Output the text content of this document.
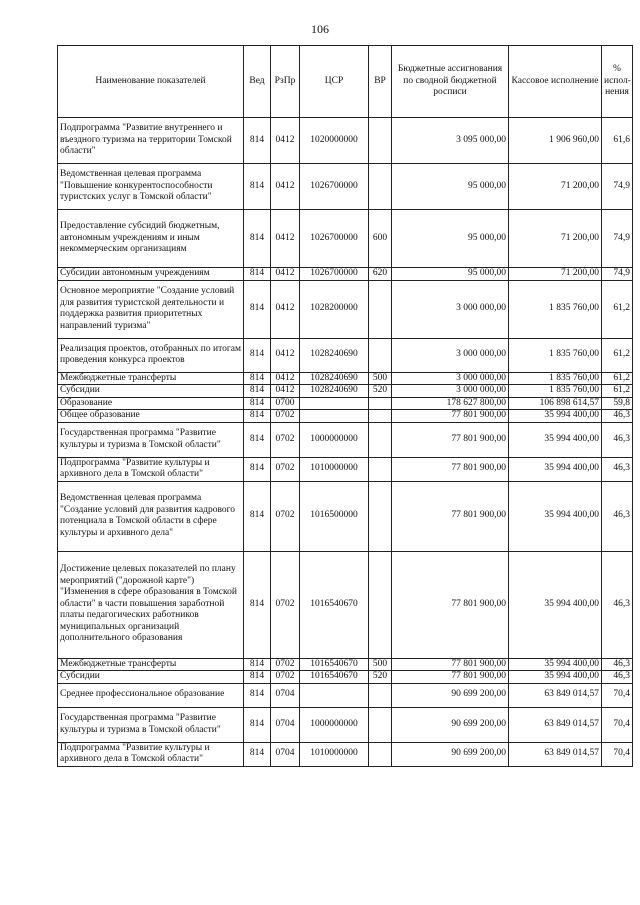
106
Наименование показателей	Вед	РзПр	ЦСР	ВР	Бюджетные ассигнования по сводной бюджетной росписи	Кассовое исполнение	% испол-нения
Подпрограмма "Развитие внутреннего и въездного туризма на территории Томской области"	814	0412	1020000000		3 095 000,00	1 906 960,00	61,6
Ведомственная целевая программа "Повышение конкурентоспособности туристских услуг в Томской области"	814	0412	1026700000		95 000,00	71 200,00	74,9
Предоставление субсидий бюджетным, автономным учреждениям и иным некоммерческим организациям	814	0412	1026700000	600	95 000,00	71 200,00	74,9
Субсидии автономным учреждениям	814	0412	1026700000	620	95 000,00	71 200,00	74,9
Основное мероприятие "Создание условий для развития туристской деятельности и поддержка развития приоритетных направлений туризма"	814	0412	1028200000		3 000 000,00	1 835 760,00	61,2
Реализация проектов, отобранных по итогам проведения конкурса проектов	814	0412	1028240690		3 000 000,00	1 835 760,00	61,2
Межбюджетные трансферты	814	0412	1028240690	500	3 000 000,00	1 835 760,00	61,2
Субсидии	814	0412	1028240690	520	3 000 000,00	1 835 760,00	61,2
Образование	814	0700			178 627 800,00	106 898 614,57	59,8
Общее образование	814	0702			77 801 900,00	35 994 400,00	46,3
Государственная программа "Развитие культуры и туризма в Томской области"	814	0702	1000000000		77 801 900,00	35 994 400,00	46,3
Подпрограмма "Развитие культуры и архивного дела в Томской области"	814	0702	1010000000		77 801 900,00	35 994 400,00	46,3
Ведомственная целевая программа "Создание условий для развития кадрового потенциала в Томской области в сфере культуры и архивного дела"	814	0702	1016500000		77 801 900,00	35 994 400,00	46,3
Достижение целевых показателей по плану мероприятий ("дорожной карте") "Изменения в сфере образования в Томской области" в части повышения заработной платы педагогических работников муниципальных организаций дополнительного образования	814	0702	1016540670		77 801 900,00	35 994 400,00	46,3
Межбюджетные трансферты	814	0702	1016540670	500	77 801 900,00	35 994 400,00	46,3
Субсидии	814	0702	1016540670	520	77 801 900,00	35 994 400,00	46,3
Среднее профессиональное образование	814	0704			90 699 200,00	63 849 014,57	70,4
Государственная программа "Развитие культуры и туризма в Томской области"	814	0704	1000000000		90 699 200,00	63 849 014,57	70,4
Подпрограмма "Развитие культуры и архивного дела в Томской области"	814	0704	1010000000		90 699 200,00	63 849 014,57	70,4
